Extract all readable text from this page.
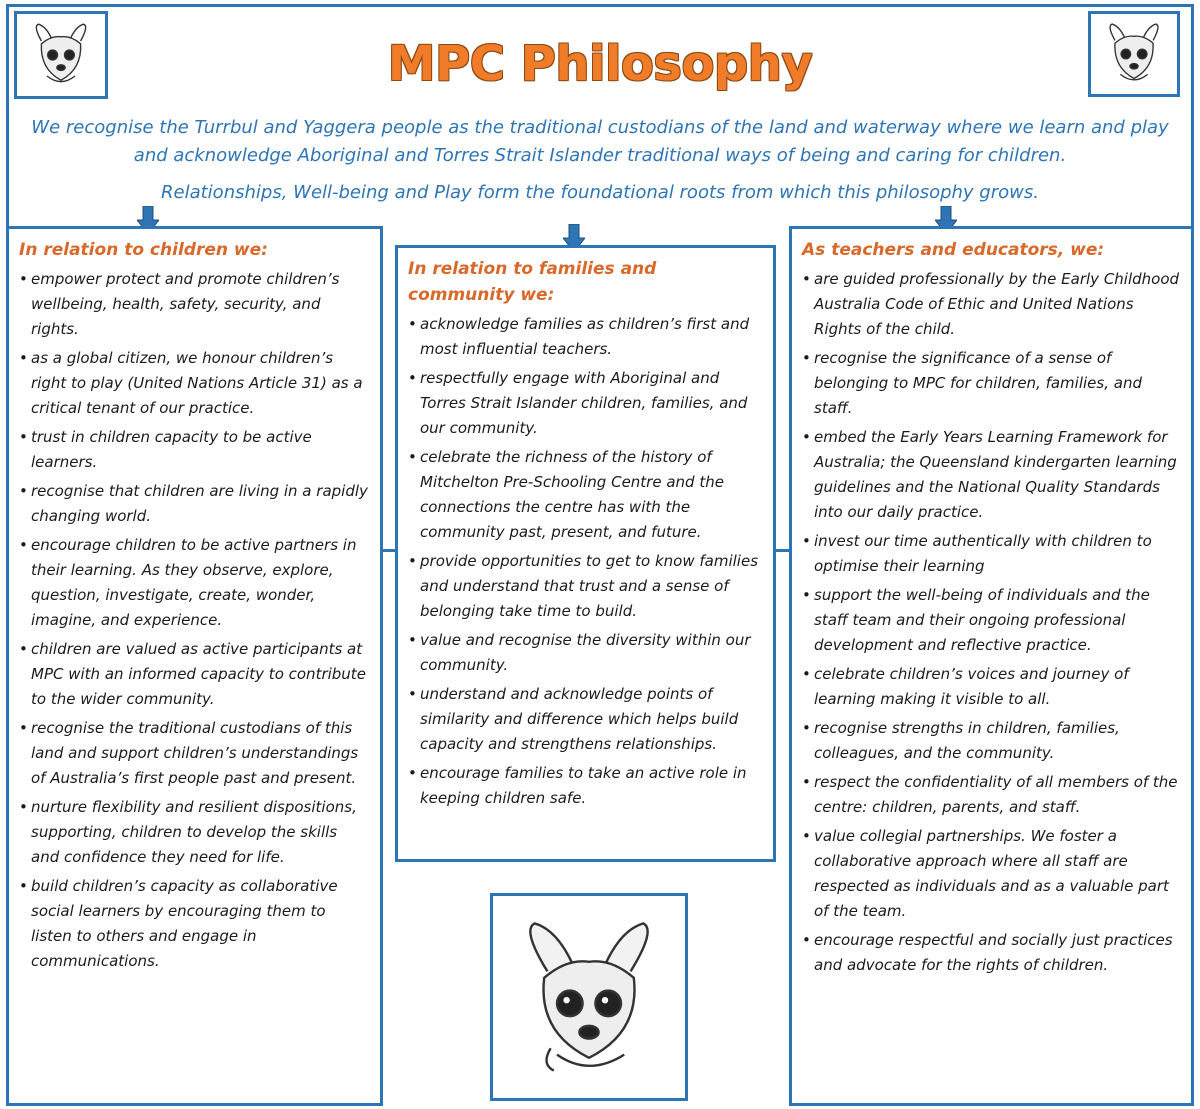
MPC Philosophy
We recognise the Turrbul and Yaggera people as the traditional custodians of the land and waterway where we learn and play and acknowledge Aboriginal and Torres Strait Islander traditional ways of being and caring for children.
Relationships, Well-being and Play form the foundational roots from which this philosophy grows.
In relation to children we:
• empower protect and promote children’s wellbeing, health, safety, security, and rights.
• as a global citizen, we honour children’s right to play (United Nations Article 31) as a critical tenant of our practice.
• trust in children capacity to be active learners.
• recognise that children are living in a rapidly changing world.
• encourage children to be active partners in their learning. As they observe, explore, question, investigate, create, wonder, imagine, and experience.
• children are valued as active participants at MPC with an informed capacity to contribute to the wider community.
• recognise the traditional custodians of this land and support children’s understandings of Australia’s first people past and present.
• nurture flexibility and resilient dispositions, supporting, children to develop the skills and confidence they need for life.
• build children’s capacity as collaborative social learners by encouraging them to listen to others and engage in communications.
In relation to families and community we:
• acknowledge families as children’s first and most influential teachers.
• respectfully engage with Aboriginal and Torres Strait Islander children, families, and our community.
• celebrate the richness of the history of Mitchelton Pre-Schooling Centre and the connections the centre has with the community past, present, and future.
• provide opportunities to get to know families and understand that trust and a sense of belonging take time to build.
• value and recognise the diversity within our community.
• understand and acknowledge points of similarity and difference which helps build capacity and strengthens relationships.
• encourage families to take an active role in keeping children safe.
As teachers and educators, we:
• are guided professionally by the Early Childhood Australia Code of Ethic and United Nations Rights of the child.
• recognise the significance of a sense of belonging to MPC for children, families, and staff.
• embed the Early Years Learning Framework for Australia; the Queensland kindergarten learning guidelines and the National Quality Standards into our daily practice.
• invest our time authentically with children to optimise their learning
• support the well-being of individuals and the staff team and their ongoing professional development and reflective practice.
• celebrate children’s voices and journey of learning making it visible to all.
• recognise strengths in children, families, colleagues, and the community.
• respect the confidentiality of all members of the centre: children, parents, and staff.
• value collegial partnerships. We foster a collaborative approach where all staff are respected as individuals and as a valuable part of the team.
• encourage respectful and socially just practices and advocate for the rights of children.
